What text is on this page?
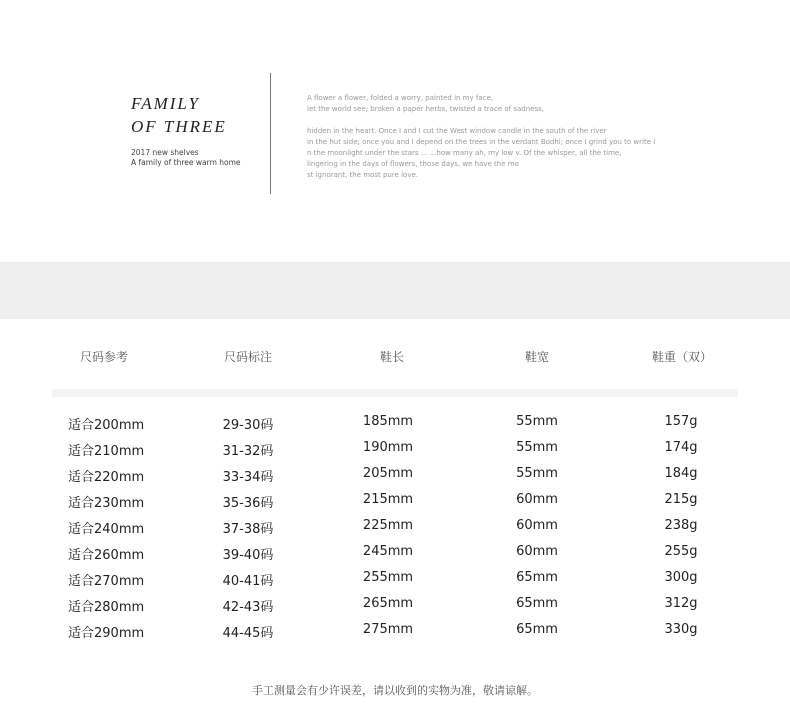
FAMILY
OF THREE
2017 new shelves
A family of three warm home
A flower a flower, folded a worry, painted in my face,
let the world see; broken a paper herbs, twisted a trace of sadness,
hidden in the heart. Once I and I cut the West window candle in the south of the river
in the hut side; once you and I depend on the trees in the verdant Bodhi; once I grind you to write i
n the moonlight under the stars ... ...how many ah, my low v. Of the whisper, all the time,
lingering in the days of flowers, those days, we have the mo
st ignorant, the most pure love.
尺码参考	尺码标注	鞋长	鞋宽	鞋重（双）
适合200mm	29-30码	185mm	55mm	157g
适合210mm	31-32码	190mm	55mm	174g
适合220mm	33-34码	205mm	55mm	184g
适合230mm	35-36码	215mm	60mm	215g
适合240mm	37-38码	225mm	60mm	238g
适合260mm	39-40码	245mm	60mm	255g
适合270mm	40-41码	255mm	65mm	300g
适合280mm	42-43码	265mm	65mm	312g
适合290mm	44-45码	275mm	65mm	330g
手工测量会有少许误差，请以收到的实物为准，敬请谅解。
